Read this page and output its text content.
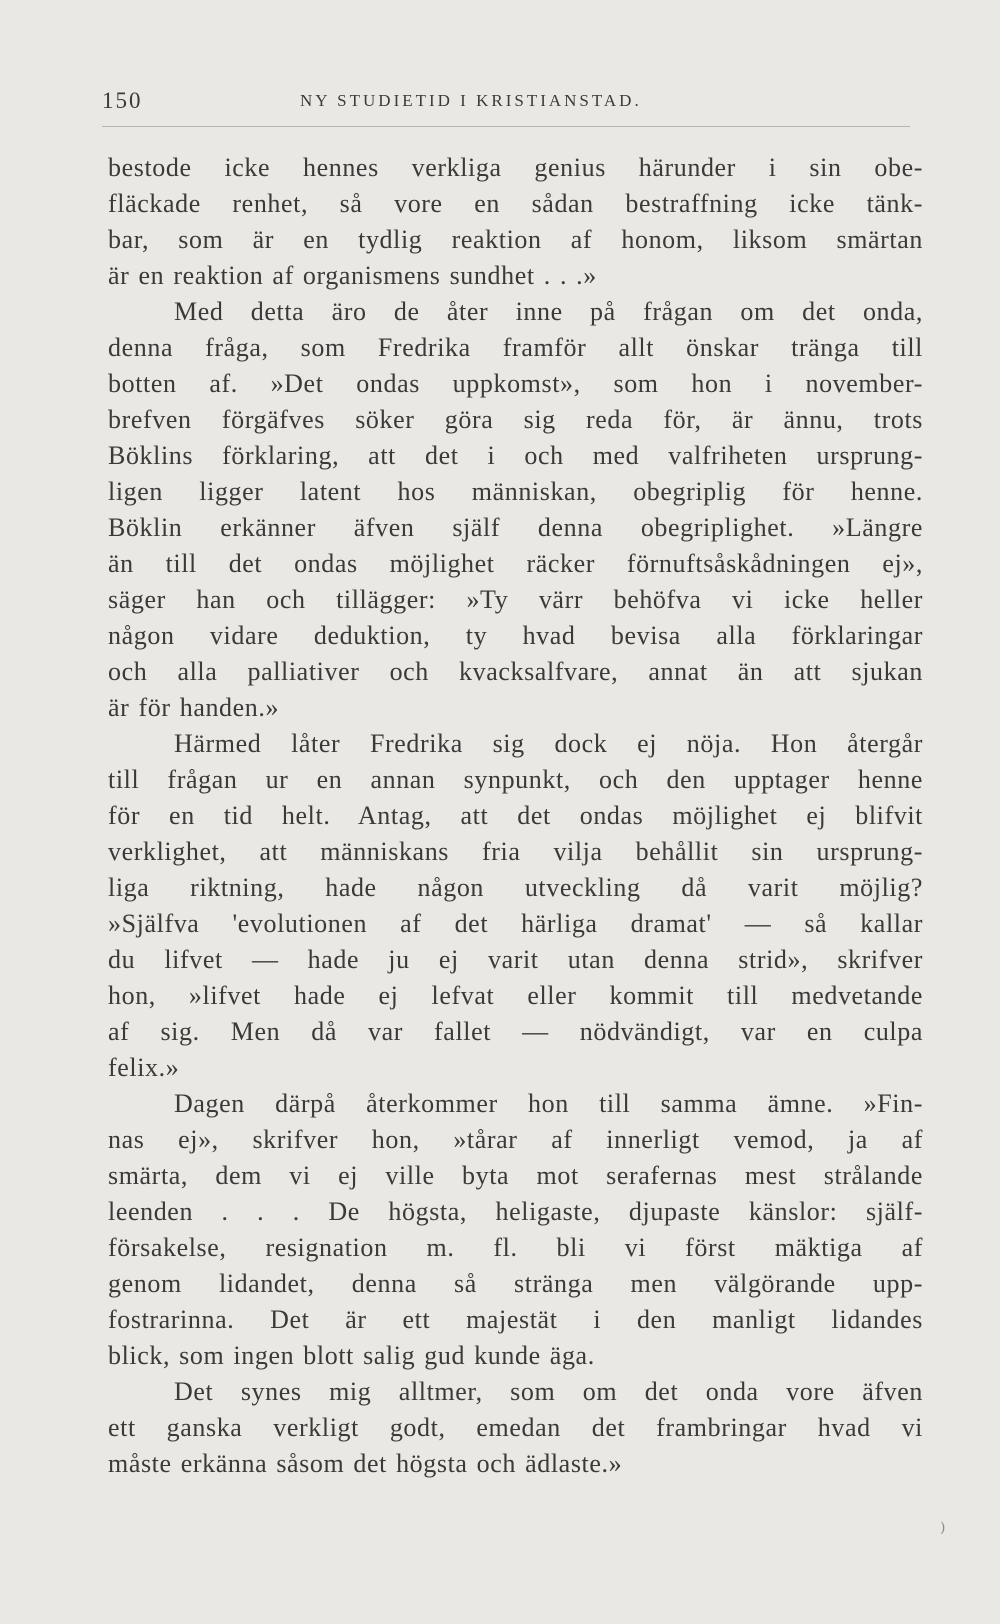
150	NY STUDIETID I KRISTIANSTAD.
bestode icke hennes verkliga genius härunder i sin obe-
fläckade renhet, så vore en sådan bestraffning icke tänk-
bar, som är en tydlig reaktion af honom, liksom smärtan
är en reaktion af organismens sundhet . . .»
Med detta äro de åter inne på frågan om det onda,
denna fråga, som Fredrika framför allt önskar tränga till
botten af. »Det ondas uppkomst», som hon i november-
brefven förgäfves söker göra sig reda för, är ännu, trots
Böklins förklaring, att det i och med valfriheten ursprung-
ligen ligger latent hos människan, obegriplig för henne.
Böklin erkänner äfven själf denna obegriplighet. »Längre
än till det ondas möjlighet räcker förnuftsåskådningen ej»,
säger han och tillägger: »Ty värr behöfva vi icke heller
någon vidare deduktion, ty hvad bevisa alla förklaringar
och alla palliativer och kvacksalfvare, annat än att sjukan
är för handen.»
Härmed låter Fredrika sig dock ej nöja. Hon återgår
till frågan ur en annan synpunkt, och den upptager henne
för en tid helt. Antag, att det ondas möjlighet ej blifvit
verklighet, att människans fria vilja behållit sin ursprung-
liga riktning, hade någon utveckling då varit möjlig?
»Själfva 'evolutionen af det härliga dramat' — så kallar
du lifvet — hade ju ej varit utan denna strid», skrifver
hon, »lifvet hade ej lefvat eller kommit till medvetande
af sig. Men då var fallet — nödvändigt, var en culpa
felix.»
Dagen därpå återkommer hon till samma ämne. »Fin-
nas ej», skrifver hon, »tårar af innerligt vemod, ja af
smärta, dem vi ej ville byta mot serafernas mest strålande
leenden . . . De högsta, heligaste, djupaste känslor: själf-
försakelse, resignation m. fl. bli vi först mäktiga af
genom lidandet, denna så stränga men välgörande upp-
fostrarinna. Det är ett majestät i den manligt lidandes
blick, som ingen blott salig gud kunde äga.
Det synes mig alltmer, som om det onda vore äfven
ett ganska verkligt godt, emedan det frambringar hvad vi
måste erkänna såsom det högsta och ädlaste.»
)
